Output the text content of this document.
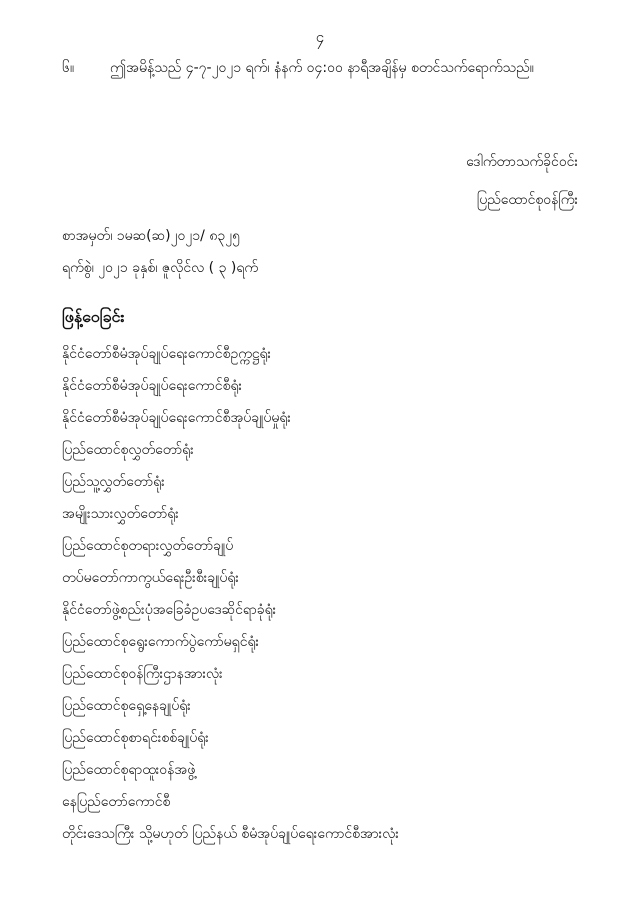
၄
၆။	ဤအမိန့်သည် ၄-၇-၂၀၂၁ ရက်၊ နံနက် ၀၄:၀၀ နာရီအချိန်မှ စတင်သက်ရောက်သည်။
ဒေါက်တာသက်ခိုင်ဝင်း
ပြည်ထောင်စုဝန်ကြီး
စာအမှတ်၊ ၁မဆ(ဆ)၂၀၂၁/ ၈၃၂၅
ရက်စွဲ၊ ၂၀၂၁ ခုနှစ်၊ ဇူလိုင်လ ( ၃ )ရက်
ဖြန့်ဝေခြင်း
နိုင်ငံတော်စီမံအုပ်ချုပ်ရေးကောင်စီဥက္ကဋ္ဌရုံး
နိုင်ငံတော်စီမံအုပ်ချုပ်ရေးကောင်စီရုံး
နိုင်ငံတော်စီမံအုပ်ချုပ်ရေးကောင်စီအုပ်ချုပ်မှုရုံး
ပြည်ထောင်စုလွှတ်တော်ရုံး
ပြည်သူ့လွှတ်တော်ရုံး
အမျိုးသားလွှတ်တော်ရုံး
ပြည်ထောင်စုတရားလွှတ်တော်ချုပ်
တပ်မတော်ကာကွယ်ရေးဦးစီးချုပ်ရုံး
နိုင်ငံတော်ဖွဲ့စည်းပုံအခြေခံဥပဒေဆိုင်ရာခုံရုံး
ပြည်ထောင်စုရွေးကောက်ပွဲကော်မရှင်ရုံး
ပြည်ထောင်စုဝန်ကြီးဌာနအားလုံး
ပြည်ထောင်စုရှေ့နေချုပ်ရုံး
ပြည်ထောင်စုစာရင်းစစ်ချုပ်ရုံး
ပြည်ထောင်စုရာထူးဝန်အဖွဲ့
နေပြည်တော်ကောင်စီ
တိုင်းဒေသကြီး သို့မဟုတ် ပြည်နယ် စီမံအုပ်ချုပ်ရေးကောင်စီအားလုံး
